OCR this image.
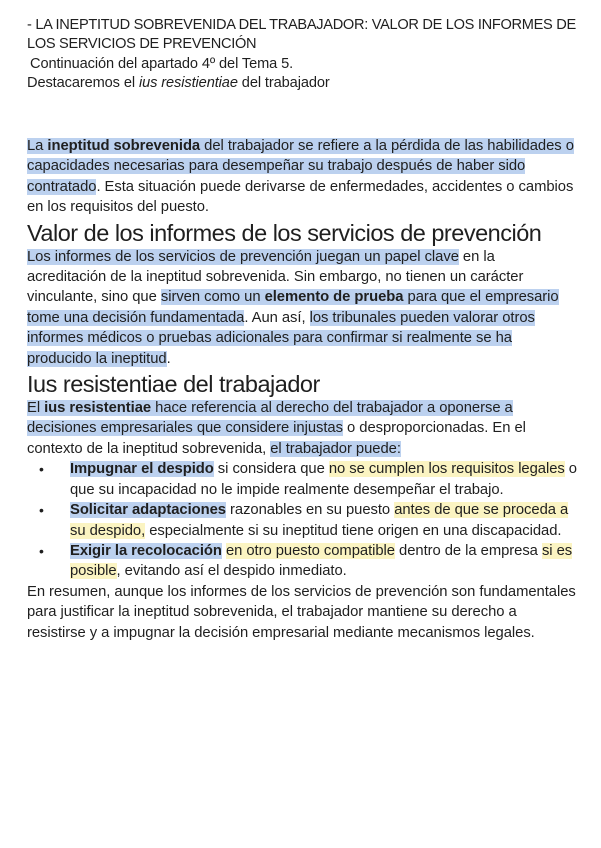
- LA INEPTITUD SOBREVENIDA DEL TRABAJADOR: VALOR DE LOS INFORMES DE LOS SERVICIOS DE PREVENCIÓN

Continuación del apartado 4º del Tema 5.

Destacaremos el ius resistientiae del trabajador

La ineptitud sobrevenida del trabajador se refiere a la pérdida de las habilidades o capacidades necesarias para desempeñar su trabajo después de haber sido contratado. Esta situación puede derivarse de enfermedades, accidentes o cambios en los requisitos del puesto.

Valor de los informes de los servicios de prevención

Los informes de los servicios de prevención juegan un papel clave en la acreditación de la ineptitud sobrevenida. Sin embargo, no tienen un carácter vinculante, sino que sirven como un elemento de prueba para que el empresario tome una decisión fundamentada. Aun así, los tribunales pueden valorar otros informes médicos o pruebas adicionales para confirmar si realmente se ha producido la ineptitud.

Ius resistentiae del trabajador

El ius resistentiae hace referencia al derecho del trabajador a oponerse a decisiones empresariales que considere injustas o desproporcionadas. En el contexto de la ineptitud sobrevenida, el trabajador puede:

• Impugnar el despido si considera que no se cumplen los requisitos legales o que su incapacidad no le impide realmente desempeñar el trabajo.
• Solicitar adaptaciones razonables en su puesto antes de que se proceda a su despido, especialmente si su ineptitud tiene origen en una discapacidad.
• Exigir la recolocación en otro puesto compatible dentro de la empresa si es posible, evitando así el despido inmediato.

En resumen, aunque los informes de los servicios de prevención son fundamentales para justificar la ineptitud sobrevenida, el trabajador mantiene su derecho a resistirse y a impugnar la decisión empresarial mediante mecanismos legales.
